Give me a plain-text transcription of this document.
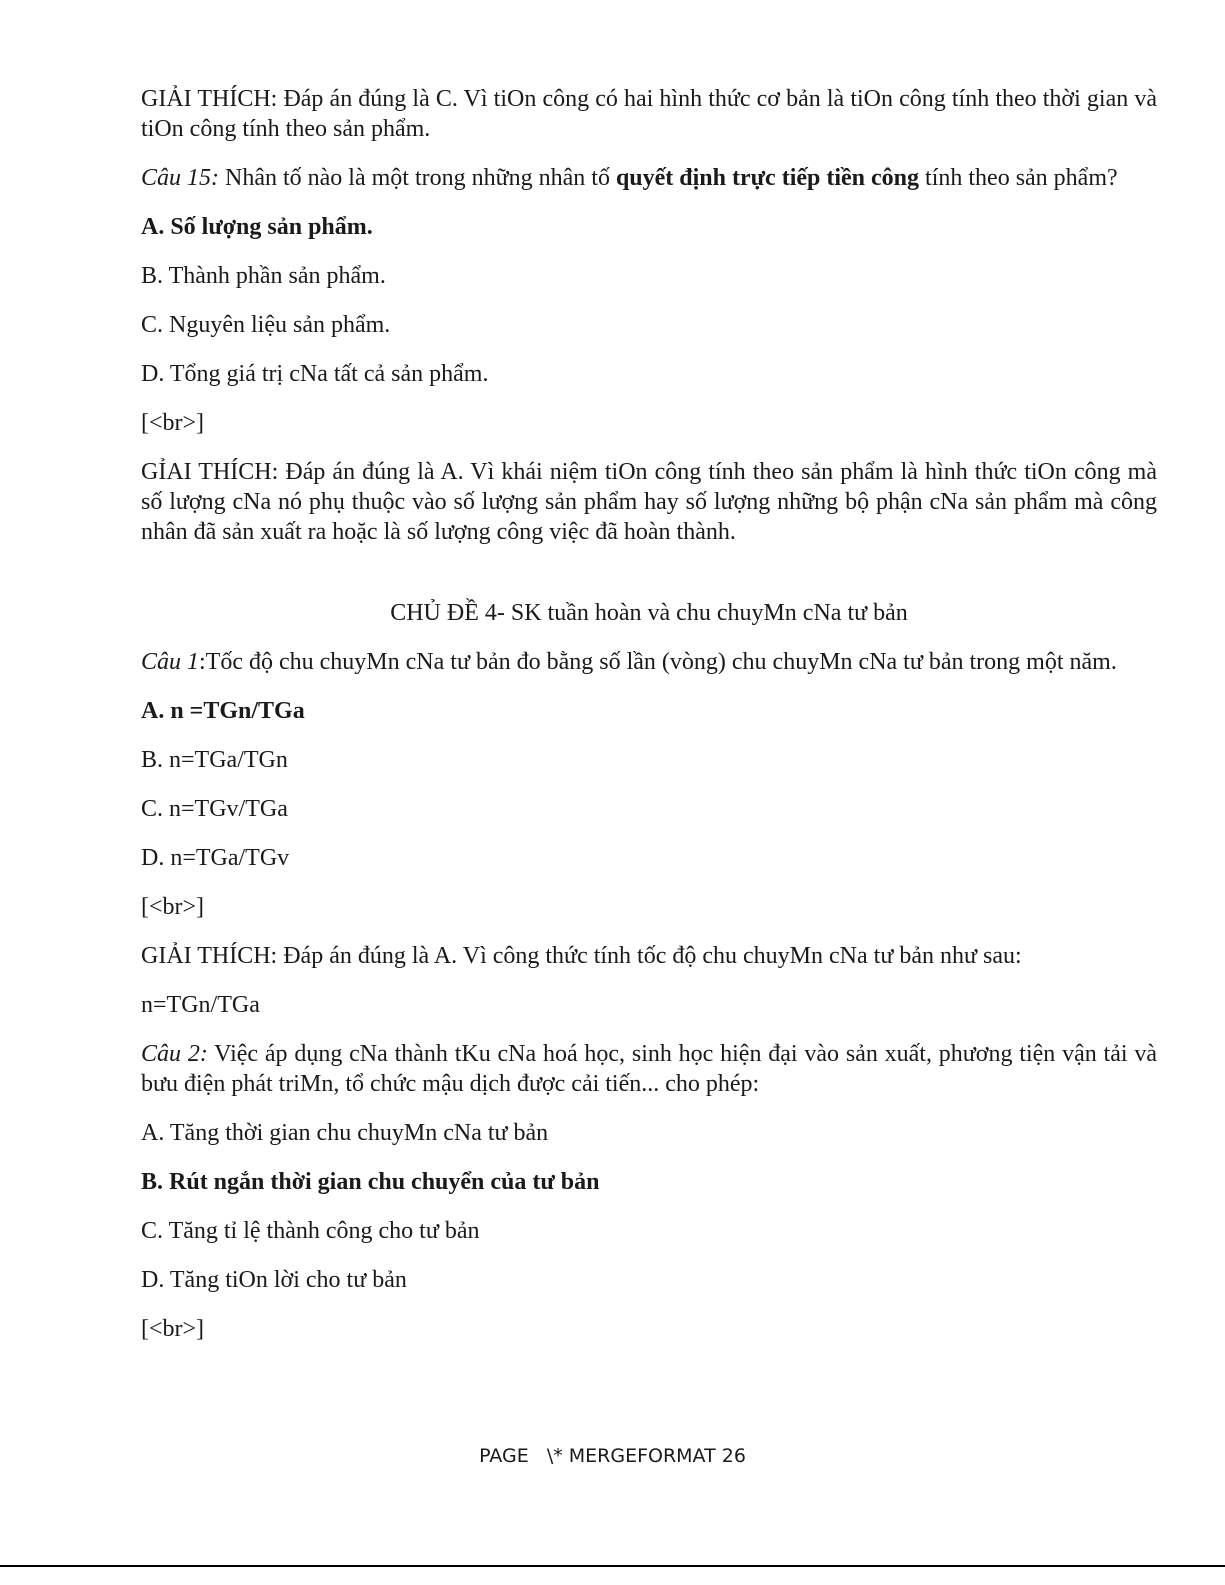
GIẢI THÍCH: Đáp án đúng là C. Vì tiOn công có hai hình thức cơ bản là tiOn công tính theo thời gian và tiOn công tính theo sản phẩm.

Câu 15: Nhân tố nào là một trong những nhân tố quyết định trực tiếp tiền công tính theo sản phẩm?

A. Số lượng sản phẩm.

B. Thành phần sản phẩm.

C. Nguyên liệu sản phẩm.

D. Tổng giá trị cNa tất cả sản phẩm.

[<br>]

GỈAI THÍCH: Đáp án đúng là A. Vì khái niệm tiOn công tính theo sản phẩm là hình thức tiOn công mà số lượng cNa nó phụ thuộc vào số lượng sản phẩm hay số lượng những bộ phận cNa sản phẩm mà công nhân đã sản xuất ra hoặc là số lượng công việc đã hoàn thành.

CHỦ ĐỀ 4- SK tuần hoàn và chu chuyMn cNa tư bản

Câu 1:Tốc độ chu chuyMn cNa tư bản đo bằng số lần (vòng) chu chuyMn cNa tư bản trong một năm.

A. n =TGn/TGa

B. n=TGa/TGn

C. n=TGv/TGa

D. n=TGa/TGv

[<br>]

GIẢI THÍCH: Đáp án đúng là A. Vì công thức tính tốc độ chu chuyMn cNa tư bản như sau:

n=TGn/TGa

Câu 2: Việc áp dụng cNa thành tKu cNa hoá học, sinh học hiện đại vào sản xuất, phương tiện vận tải và bưu điện phát triMn, tổ chức mậu dịch được cải tiến... cho phép:

A. Tăng thời gian chu chuyMn cNa tư bản

B. Rút ngắn thời gian chu chuyển của tư bản

C. Tăng tỉ lệ thành công cho tư bản

D. Tăng tiOn lời cho tư bản

[<br>]

PAGE   \* MERGEFORMAT 26
